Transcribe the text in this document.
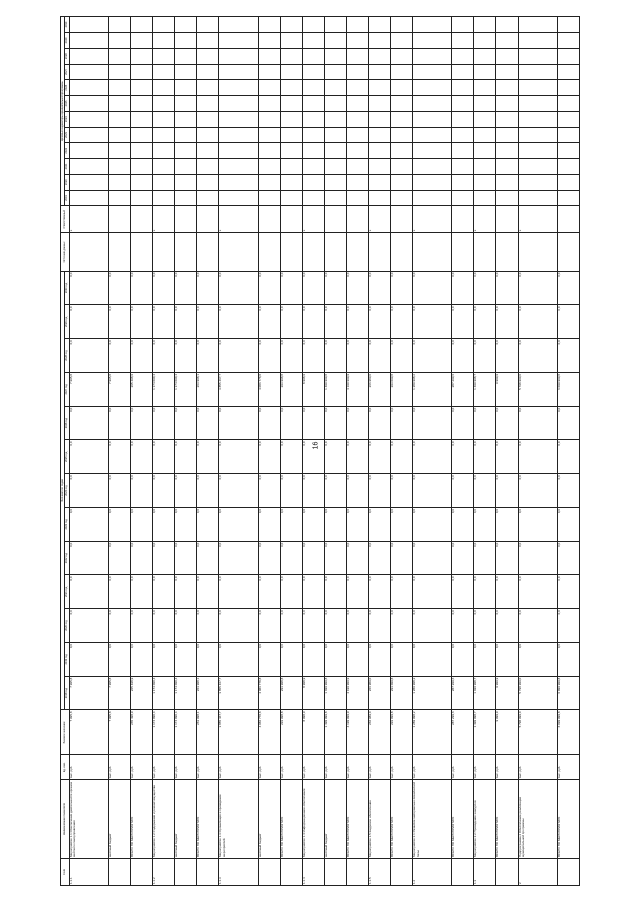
16
Code	Наименование показателя	Ед. изм.	Базовое значение	Значения по годам													Источник данных	Ответственный	Целевые индикаторы муниципальной программы											
				2018 год	2019 год	2020 год	2021 год	2022 год	2023 год	2024 год	2025 год	2026 год	2027 год	2028 год	2029 год	2030 год			2019	2020	2021	2022	2023	2024	2025	2026	2027	2028	2029	2030
1.1.1	Мероприятие 1.1 Обеспечение деятельности органов местного самоуправления	тыс. руб.	7 995,8	7 995,8	0,0	0,0	0,0	0,0	0,0	0,0	0,0	0,0	7 995,8	0,0	0,0	0,0		х												
	местный бюджет	тыс. руб.	7 995,8	7 995,8	0,0	0,0	0,0	0,0	0,0	0,0	0,0	0,0	7 995,8	0,0	0,0	0,0														
	ВСЕГО ПО МЕРОПРИЯТИЮ	тыс. руб.	265 498,9	265 498,9	0,0	0,0	0,0	0,0	0,0	0,0	0,0	0,0	265 498,9	0,0	0,0	0,0														
1.1.2	Мероприятие 1.2 Содержание и ремонт имущества	тыс. руб.	1 174 090,4	1 174 090,4	0,0	0,0	0,0	0,0	0,0	0,0	0,0	0,0	1 174 090,4	0,0	0,0	0,0		х												
	местный бюджет	тыс. руб.	1 174 090,4	1 174 090,4	0,0	0,0	0,0	0,0	0,0	0,0	0,0	0,0	1 174 090,4	0,0	0,0	0,0														
	ВСЕГО ПО МЕРОПРИЯТИЮ	тыс. руб.	263 998,1	263 998,1	0,0	0,0	0,0	0,0	0,0	0,0	0,0	0,0	263 998,1	0,0	0,0	0,0														
1.1.3	Мероприятие 1.3 Организация и проведение мероприятий	тыс. руб.	3 855 467,7	3 855 467,7	0,0	0,0	0,0	0,0	0,0	0,0	0,0	0,0	3 855 467,7	0,0	0,0	0,0		х												
	местный бюджет	тыс. руб.	4 086 778,8	4 086 778,8	0,0	0,0	0,0	0,0	0,0	0,0	0,0	0,0	4 086 778,8	0,0	0,0	0,0														
	ВСЕГО ПО МЕРОПРИЯТИЮ	тыс. руб.	293 998,8	293 998,8	0,0	0,0	0,0	0,0	0,0	0,0	0,0	0,0	293 998,8	0,0	0,0	0,0														
1.1.4	Мероприятие 1.4 Информационное обеспечение	тыс. руб.	8 998,9	8 998,9	0,0	0,0	0,0	0,0	0,0	0,0	0,0	0,0	8 998,9	0,0	0,0	0,0		х												
	местный бюджет	тыс. руб.	1 499 999,8	1 499 999,8	0,0	0,0	0,0	0,0	0,0	0,0	0,0	0,0	1 499 999,8	0,0	0,0	0,0														
	ВСЕГО ПО МЕРОПРИЯТИЮ	тыс. руб.	4 199 999,9	4 199 999,9	0,0	0,0	0,0	0,0	0,0	0,0	0,0	0,0	4 199 999,9	0,0	0,0	0,0														
1.1.5	Мероприятие 1.5 Кадровое обеспечение	тыс. руб.	266 989,0	266 989,0	0,0	0,0	0,0	0,0	0,0	0,0	0,0	0,0	266 989,0	0,0	0,0	0,0		х												
	ВСЕГО ПО МЕРОПРИЯТИЮ	тыс. руб.	293 099,8	293 099,8	0,0	0,0	0,0	0,0	0,0	0,0	0,0	0,0	293 099,8	0,0	0,0	0,0														
1.2	Мероприятие 2.1 Развитие материально-технической базы	тыс. руб.	1 289 998,2	1 289 998,2	0,0	0,0	0,0	0,0	0,0	0,0	0,0	0,0	1 289 998,2	0,0	0,0	0,0		х												
	ВСЕГО ПО МЕРОПРИЯТИЮ	тыс. руб.	287 299,6	287 299,6	0,0	0,0	0,0	0,0	0,0	0,0	0,0	0,0	287 299,6	0,0	0,0	0,0														
1.3	Мероприятие 2.2 Проведение конкурсов	тыс. руб.	1 499 998,7	1 499 998,7	0,0	0,0	0,0	0,0	0,0	0,0	0,0	0,0	1 499 998,7	0,0	0,0	0,0		х												
	ВСЕГО ПО МЕРОПРИЯТИЮ	тыс. руб.	9 999,9	9 999,9	0,0	0,0	0,0	0,0	0,0	0,0	0,0	0,0	9 999,9	0,0	0,0	0,0														
2	Подпрограмма 2 Обеспечение реализации муниципальной программы	тыс. руб.	5 798 999,0	5 798 999,0	0,0	0,0	0,0	0,0	0,0	0,0	0,0	0,0	5 798 999,0	0,0	0,0	0,0		х												
	ВСЕГО ПО МЕРОПРИЯТИЮ	тыс. руб.	6 099 999,8	6 099 999,8	0,0	0,0	0,0	0,0	0,0	0,0	0,0	0,0	6 099 999,8	0,0	0,0	0,0														
